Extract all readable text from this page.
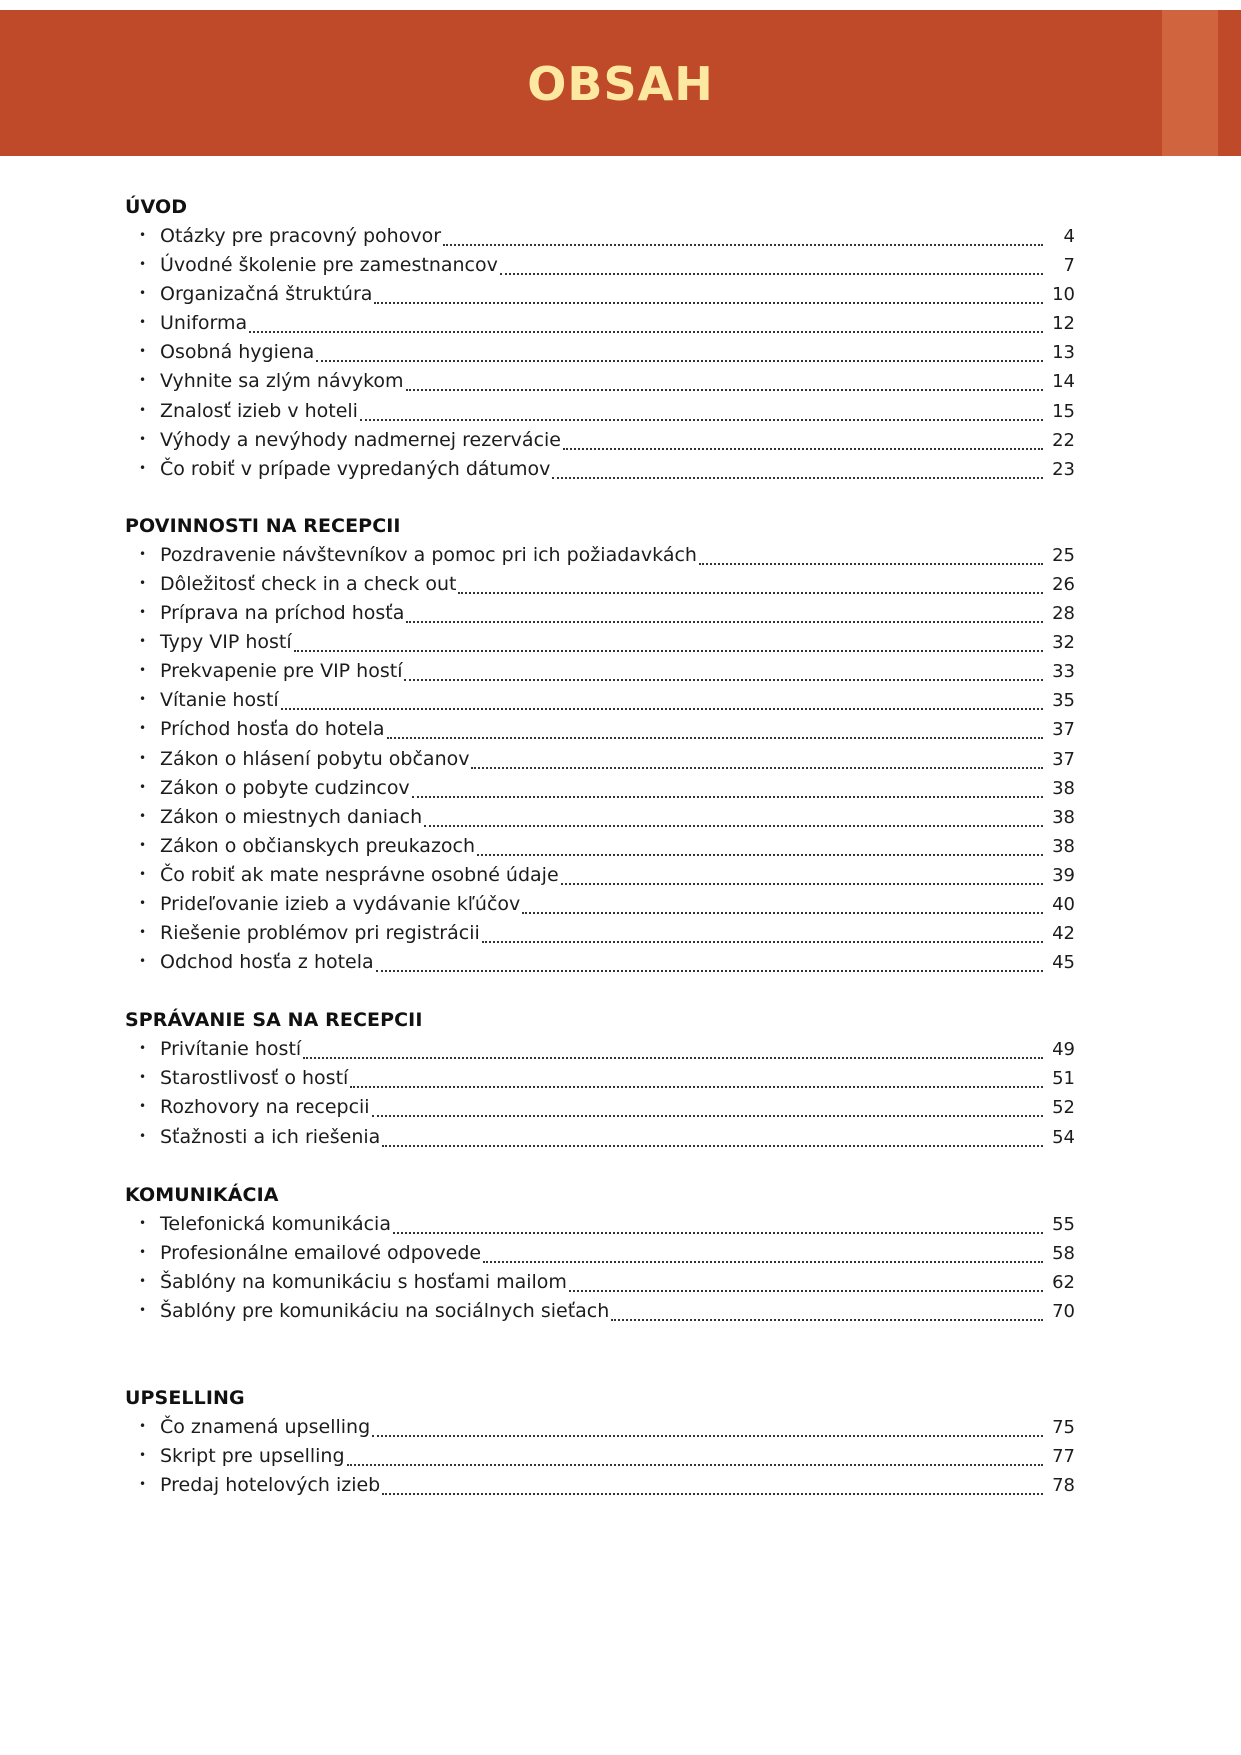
OBSAH
ÚVOD
• Otázky pre pracovný pohovor	4
• Úvodné školenie pre zamestnancov	7
• Organizačná štruktúra	10
• Uniforma	12
• Osobná hygiena	13
• Vyhnite sa zlým návykom	14
• Znalosť izieb v hoteli	15
• Výhody a nevýhody nadmernej rezervácie	22
• Čo robiť v prípade vypredaných dátumov	23
POVINNOSTI NA RECEPCII
• Pozdravenie návštevníkov a pomoc pri ich požiadavkách	25
• Dôležitosť check in a check out	26
• Príprava na príchod hosťa	28
• Typy VIP hostí	32
• Prekvapenie pre VIP hostí	33
• Vítanie hostí	35
• Príchod hosťa do hotela	37
• Zákon o hlásení pobytu občanov	37
• Zákon o pobyte cudzincov	38
• Zákon o miestnych daniach	38
• Zákon o občianskych preukazoch	38
• Čo robiť ak mate nesprávne osobné údaje	39
• Prideľovanie izieb a vydávanie kľúčov	40
• Riešenie problémov pri registrácii	42
• Odchod hosťa z hotela	45
SPRÁVANIE SA NA RECEPCII
• Privítanie hostí	49
• Starostlivosť o hostí	51
• Rozhovory na recepcii	52
• Sťažnosti a ich riešenia	54
KOMUNIKÁCIA
• Telefonická komunikácia	55
• Profesionálne emailové odpovede	58
• Šablóny na komunikáciu s hosťami mailom	62
• Šablóny pre komunikáciu na sociálnych sieťach	70
UPSELLING
• Čo znamená upselling	75
• Skript pre upselling	77
• Predaj hotelových izieb	78
